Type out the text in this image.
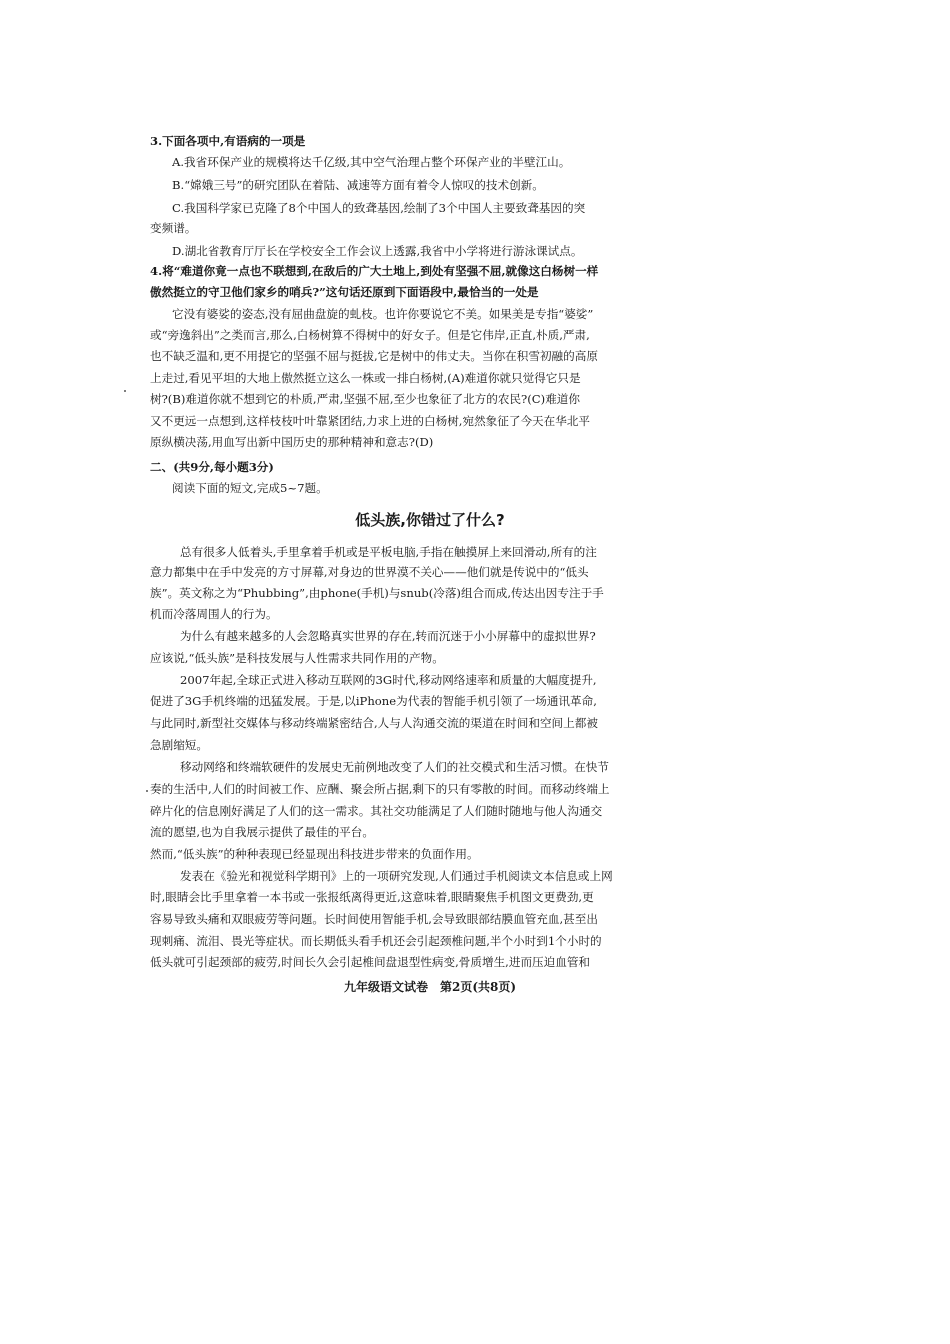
3.下面各项中,有语病的一项是
A.我省环保产业的规模将达千亿级,其中空气治理占整个环保产业的半壁江山。
B.“嫦娥三号”的研究团队在着陆、减速等方面有着令人惊叹的技术创新。
C.我国科学家已克隆了8个中国人的致聋基因,绘制了3个中国人主要致聋基因的突
变频谱。
D.湖北省教育厅厅长在学校安全工作会议上透露,我省中小学将进行游泳课试点。
4.将“难道你竟一点也不联想到,在敌后的广大土地上,到处有坚强不屈,就像这白杨树一样
傲然挺立的守卫他们家乡的哨兵?”这句话还原到下面语段中,最恰当的一处是
它没有婆娑的姿态,没有屈曲盘旋的虬枝。也许你要说它不美。如果美是专指“婆娑”
或“旁逸斜出”之类而言,那么,白杨树算不得树中的好女子。但是它伟岸,正直,朴质,严肃,
也不缺乏温和,更不用提它的坚强不屈与挺拔,它是树中的伟丈夫。当你在积雪初融的高原
上走过,看见平坦的大地上傲然挺立这么一株或一排白杨树,(A)难道你就只觉得它只是
树?(B)难道你就不想到它的朴质,严肃,坚强不屈,至少也象征了北方的农民?(C)难道你
又不更远一点想到,这样枝枝叶叶靠紧团结,力求上进的白杨树,宛然象征了今天在华北平
原纵横决荡,用血写出新中国历史的那种精神和意志?(D)
二、(共9分,每小题3分)
阅读下面的短文,完成5~7题。
低头族,你错过了什么?
总有很多人低着头,手里拿着手机或是平板电脑,手指在触摸屏上来回滑动,所有的注
意力都集中在手中发亮的方寸屏幕,对身边的世界漠不关心——他们就是传说中的“低头
族”。英文称之为“Phubbing”,由phone(手机)与snub(冷落)组合而成,传达出因专注于手
机而冷落周围人的行为。
为什么有越来越多的人会忽略真实世界的存在,转而沉迷于小小屏幕中的虚拟世界?
应该说,“低头族”是科技发展与人性需求共同作用的产物。
2007年起,全球正式进入移动互联网的3G时代,移动网络速率和质量的大幅度提升,
促进了3G手机终端的迅猛发展。于是,以iPhone为代表的智能手机引领了一场通讯革命,
与此同时,新型社交媒体与移动终端紧密结合,人与人沟通交流的渠道在时间和空间上都被
急剧缩短。
移动网络和终端软硬件的发展史无前例地改变了人们的社交模式和生活习惯。在快节
奏的生活中,人们的时间被工作、应酬、聚会所占据,剩下的只有零散的时间。而移动终端上
碎片化的信息刚好满足了人们的这一需求。其社交功能满足了人们随时随地与他人沟通交
流的愿望,也为自我展示提供了最佳的平台。
然而,“低头族”的种种表现已经显现出科技进步带来的负面作用。
发表在《验光和视觉科学期刊》上的一项研究发现,人们通过手机阅读文本信息或上网
时,眼睛会比手里拿着一本书或一张报纸离得更近,这意味着,眼睛聚焦手机图文更费劲,更
容易导致头痛和双眼疲劳等问题。长时间使用智能手机,会导致眼部结膜血管充血,甚至出
现刺痛、流泪、畏光等症状。而长期低头看手机还会引起颈椎问题,半个小时到1个小时的
低头就可引起颈部的疲劳,时间长久会引起椎间盘退型性病变,骨质增生,进而压迫血管和
九年级语文试卷　第2页(共8页)
